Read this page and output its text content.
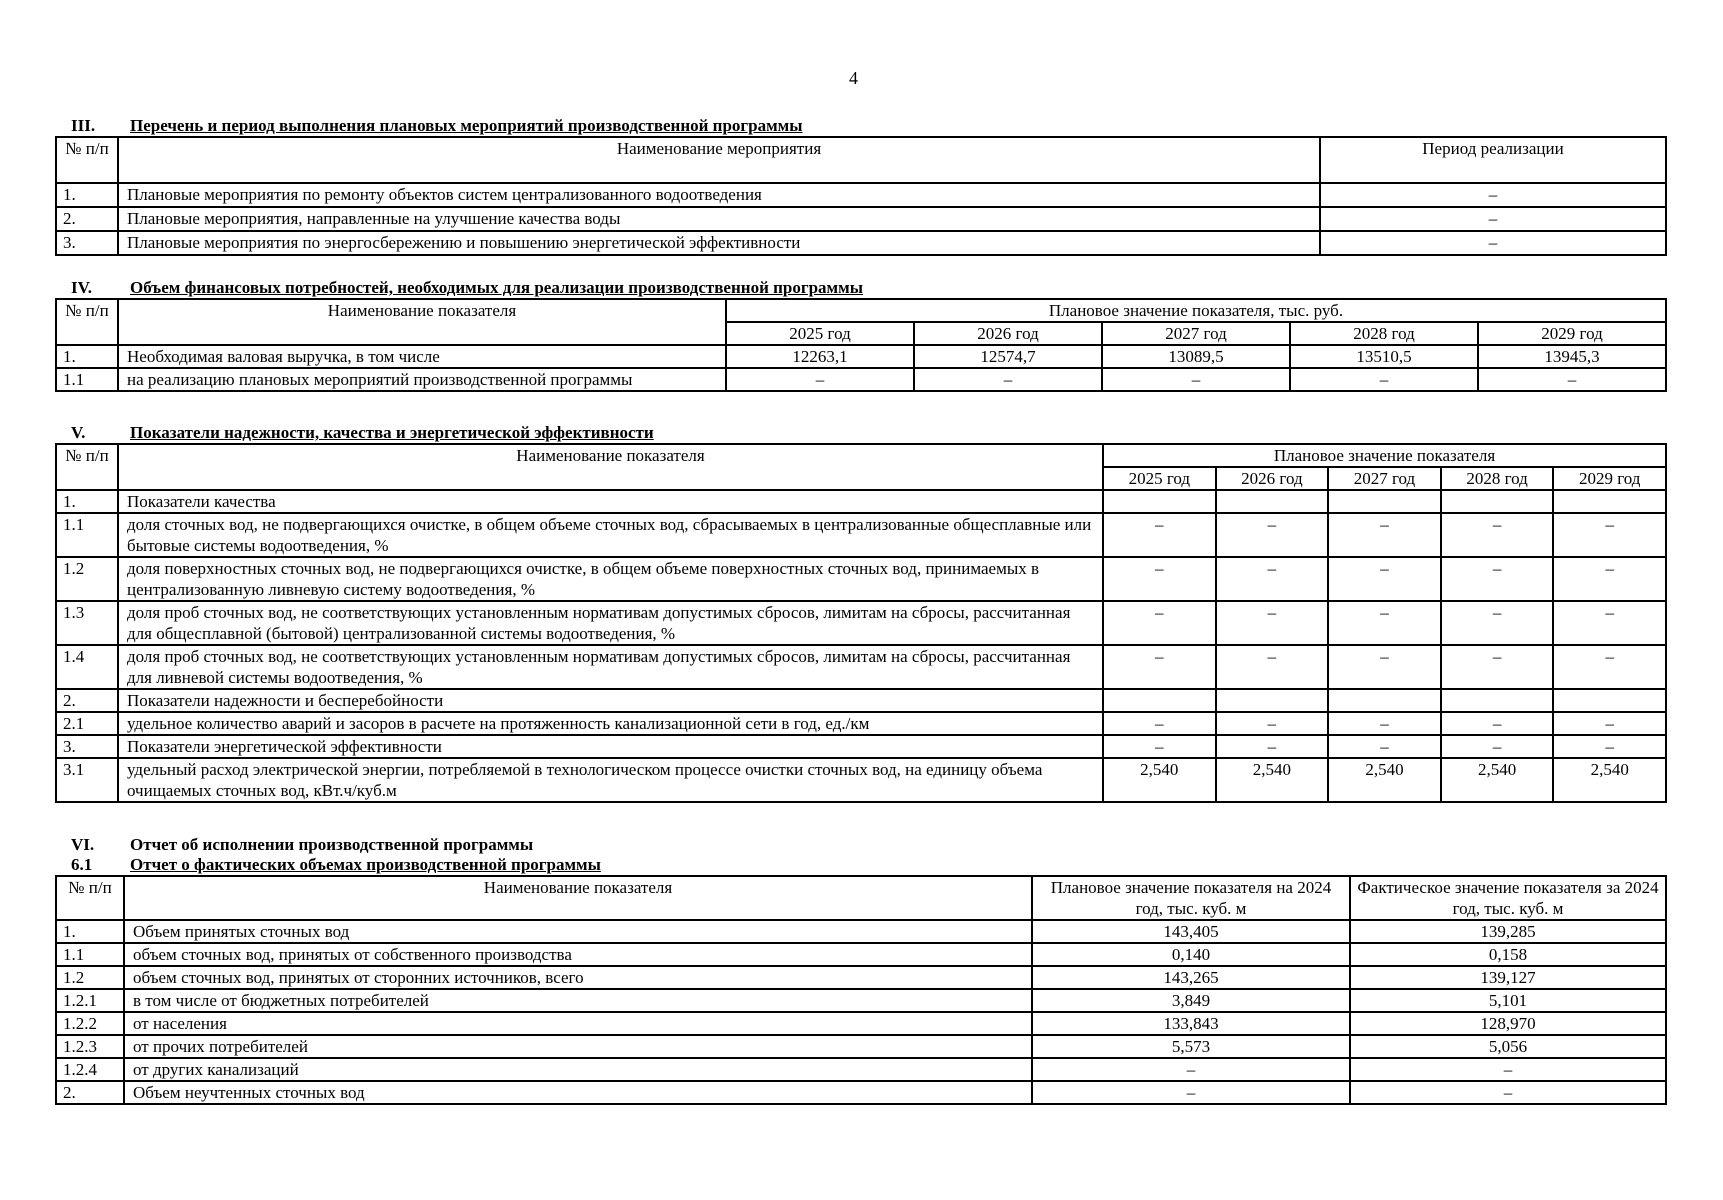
4
III.	Перечень и период выполнения плановых мероприятий производственной программы
№ п/п	Наименование мероприятия	Период реализации
1.	Плановые мероприятия по ремонту объектов систем централизованного водоотведения	–
2.	Плановые мероприятия, направленные на улучшение качества воды	–
3.	Плановые мероприятия по энергосбережению и повышению энергетической эффективности	–
IV.	Объем финансовых потребностей, необходимых для реализации производственной программы
№ п/п	Наименование показателя	Плановое значение показателя, тыс. руб.				
		2025 год	2026 год	2027 год	2028 год	2029 год
1.	Необходимая валовая выручка, в том числе	12263,1	12574,7	13089,5	13510,5	13945,3
1.1	на реализацию плановых мероприятий производственной программы	–	–	–	–	–
V.	Показатели надежности, качества и энергетической эффективности
№ п/п	Наименование показателя	Плановое значение показателя				
		2025 год	2026 год	2027 год	2028 год	2029 год
1.	Показатели качества					
1.1	доля сточных вод, не подвергающихся очистке, в общем объеме сточных вод, сбрасываемых в централизованные общесплавные или бытовые системы водоотведения, %	–	–	–	–	–
1.2	доля поверхностных сточных вод, не подвергающихся очистке, в общем объеме поверхностных сточных вод, принимаемых в централизованную ливневую систему водоотведения, %	–	–	–	–	–
1.3	доля проб сточных вод, не соответствующих установленным нормативам допустимых сбросов, лимитам на сбросы, рассчитанная для общесплавной (бытовой) централизованной системы водоотведения, %	–	–	–	–	–
1.4	доля проб сточных вод, не соответствующих установленным нормативам допустимых сбросов, лимитам на сбросы, рассчитанная для ливневой системы водоотведения, %	–	–	–	–	–
2.	Показатели надежности и бесперебойности					
2.1	удельное количество аварий и засоров в расчете на протяженность канализационной сети в год, ед./км	–	–	–	–	–
3.	Показатели энергетической эффективности	–	–	–	–	–
3.1	удельный расход электрической энергии, потребляемой в технологическом процессе очистки сточных вод, на единицу объема очищаемых сточных вод, кВт.ч/куб.м	2,540	2,540	2,540	2,540	2,540
VI.	Отчет об исполнении производственной программы
6.1	Отчет о фактических объемах производственной программы
№ п/п	Наименование показателя	Плановое значение показателя на 2024 год, тыс. куб. м	Фактическое значение показателя за 2024 год, тыс. куб. м
1.	Объем принятых сточных вод	143,405	139,285
1.1	объем сточных вод, принятых от собственного производства	0,140	0,158
1.2	объем сточных вод, принятых от сторонних источников, всего	143,265	139,127
1.2.1	в том числе от бюджетных потребителей	3,849	5,101
1.2.2	от населения	133,843	128,970
1.2.3	от прочих потребителей	5,573	5,056
1.2.4	от других канализаций	–	–
2.	Объем неучтенных сточных вод	–	–
